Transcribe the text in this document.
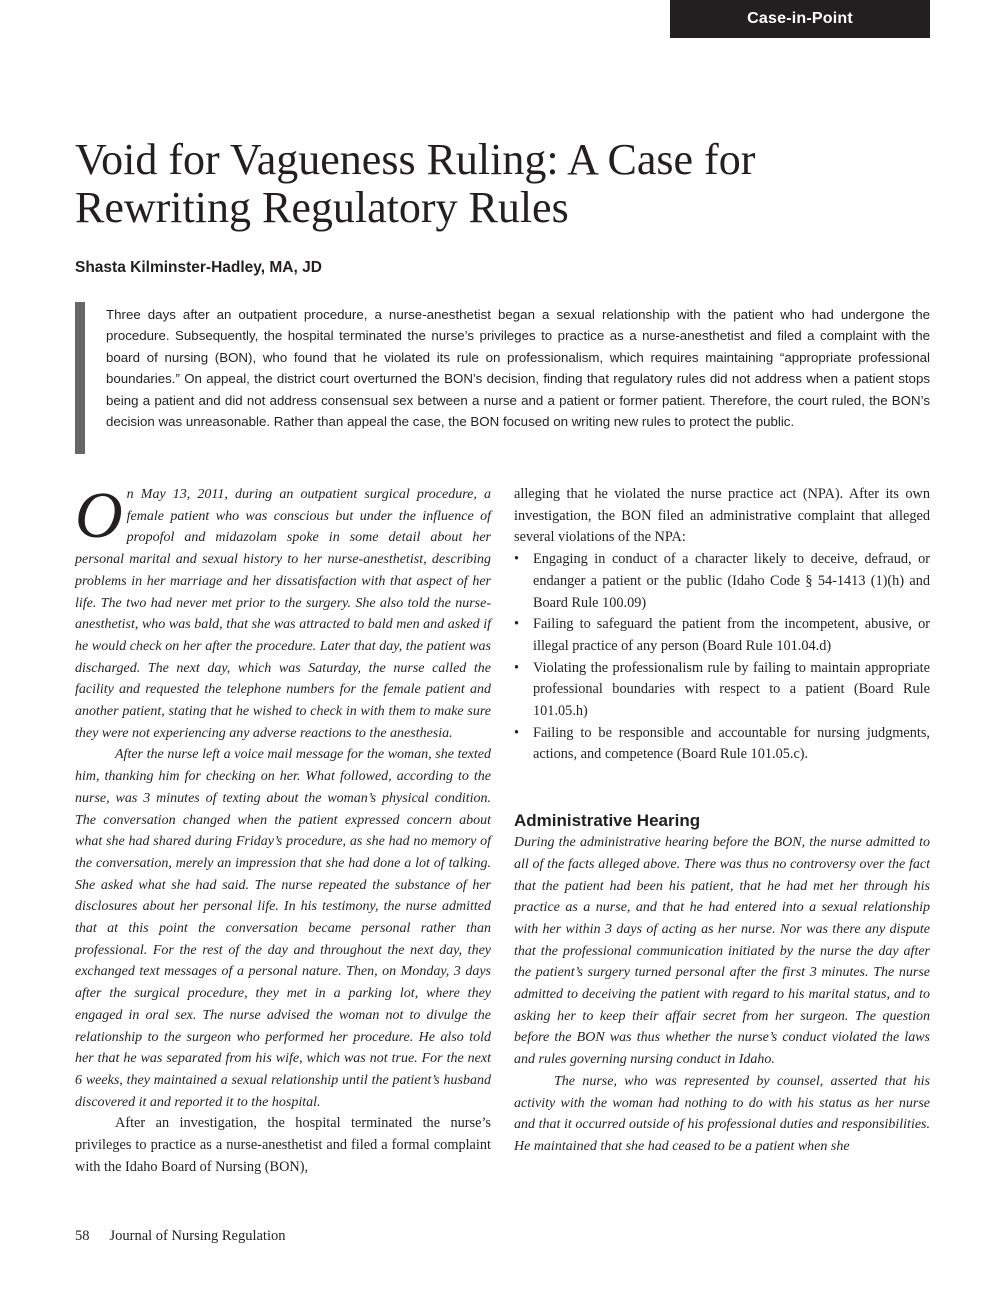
Case-in-Point
Void for Vagueness Ruling: A Case for Rewriting Regulatory Rules
Shasta Kilminster-Hadley, MA, JD

Three days after an outpatient procedure, a nurse-anesthetist began a sexual relationship with the patient who had undergone the procedure. Subsequently, the hospital terminated the nurse’s privileges to practice as a nurse-anesthetist and filed a complaint with the board of nursing (BON), who found that he violated its rule on professionalism, which requires maintaining “appropriate professional boundaries.” On appeal, the district court overturned the BON’s decision, finding that regulatory rules did not address when a patient stops being a patient and did not address consensual sex between a nurse and a patient or former patient. Therefore, the court ruled, the BON’s decision was unreasonable. Rather than appeal the case, the BON focused on writing new rules to protect the public.

On May 13, 2011, during an outpatient surgical procedure, a female patient who was conscious but under the influence of propofol and midazolam spoke in some detail about her personal marital and sexual history to her nurse-anesthetist, describing problems in her marriage and her dissatisfaction with that aspect of her life. The two had never met prior to the surgery. She also told the nurse-anesthetist, who was bald, that she was attracted to bald men and asked if he would check on her after the procedure. Later that day, the patient was discharged. The next day, which was Saturday, the nurse called the facility and requested the telephone numbers for the female patient and another patient, stating that he wished to check in with them to make sure they were not experiencing any adverse reactions to the anesthesia.

After the nurse left a voice mail message for the woman, she texted him, thanking him for checking on her. What followed, according to the nurse, was 3 minutes of texting about the woman’s physical condition. The conversation changed when the patient expressed concern about what she had shared during Friday’s procedure, as she had no memory of the conversation, merely an impression that she had done a lot of talking. She asked what she had said. The nurse repeated the substance of her disclosures about her personal life. In his testimony, the nurse admitted that at this point the conversation became personal rather than professional. For the rest of the day and throughout the next day, they exchanged text messages of a personal nature. Then, on Monday, 3 days after the surgical procedure, they met in a parking lot, where they engaged in oral sex. The nurse advised the woman not to divulge the relationship to the surgeon who performed her procedure. He also told her that he was separated from his wife, which was not true. For the next 6 weeks, they maintained a sexual relationship until the patient’s husband discovered it and reported it to the hospital.

After an investigation, the hospital terminated the nurse’s privileges to practice as a nurse-anesthetist and filed a formal complaint with the Idaho Board of Nursing (BON),

alleging that he violated the nurse practice act (NPA). After its own investigation, the BON filed an administrative complaint that alleged several violations of the NPA:

• Engaging in conduct of a character likely to deceive, defraud, or endanger a patient or the public (Idaho Code § 54-1413 (1)(h) and Board Rule 100.09)
• Failing to safeguard the patient from the incompetent, abusive, or illegal practice of any person (Board Rule 101.04.d)
• Violating the professionalism rule by failing to maintain appropriate professional boundaries with respect to a patient (Board Rule 101.05.h)
• Failing to be responsible and accountable for nursing judgments, actions, and competence (Board Rule 101.05.c).
Administrative Hearing

During the administrative hearing before the BON, the nurse admitted to all of the facts alleged above. There was thus no controversy over the fact that the patient had been his patient, that he had met her through his practice as a nurse, and that he had entered into a sexual relationship with her within 3 days of acting as her nurse. Nor was there any dispute that the professional communication initiated by the nurse the day after the patient’s surgery turned personal after the first 3 minutes. The nurse admitted to deceiving the patient with regard to his marital status, and to asking her to keep their affair secret from her surgeon. The question before the BON was thus whether the nurse’s conduct violated the laws and rules governing nursing conduct in Idaho.

The nurse, who was represented by counsel, asserted that his activity with the woman had nothing to do with his status as her nurse and that it occurred outside of his professional duties and responsibilities. He maintained that she had ceased to be a patient when she

58 Journal of Nursing Regulation
